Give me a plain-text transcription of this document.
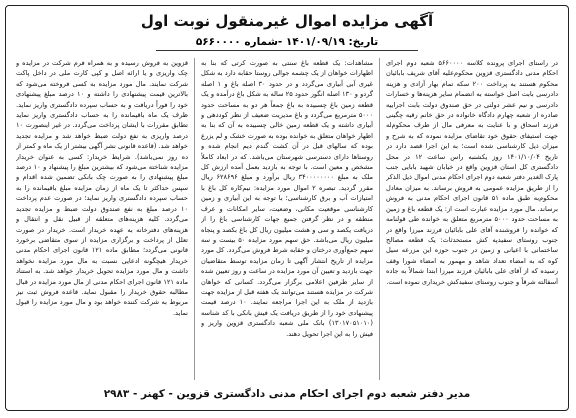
آگهی مزایده اموال غیرمنقول نوبت اول
تاریخ: ۱۴۰۱/۰۹/۱۹ -شماره ۵۶۶۰۰۰۰
در راستای اجرای پرونده کلاسه ۵۶۶۰۰۰۰ شعبه دوم اجرای احکام مدنی دادگستری قزوین محکوم‌علیه آقای شریف بابائیان محکوم هستند به پرداخت ۲۰۰ سکه تمام بهار آزادی و هزینه دادرسی بابت اصل خواسته به انضمام سایر هزینه‌ها و خسارات دادرسی و نیم عشر دولتی در حق صندوق دولت بابت اجراییه صادره از شعبه چهارم دادگاه خانواده در حق خانم رقیه چگینی فرزند اسحاق و با عنایت به معرفی مال از طرف محکوم‌له جهت استیفای حقوق خود تقاضای مزایده نموده که به شرح و میزان ذیل کارشناسی شده است؛ به این اجرا قصد دارد در تاریخ ۱۴۰۱/۱۰/۰۴ روز یکشنبه راس ساعت ۱۲ در محل دادگستری کل استان قزوین واقع در خیابان شهید بابایی جنب پارک الغدیر دفتر شعبه دوم اجرای احکام مدنی اموال ذیل الذکر را از طریق مزایده عمومی به فروش برساند. به میزان معادل محکوم‌به طبق ماده ۵۱ قانون اجرای احکام مدنی به فروش برساند. مال مورد مزایده عبارت است از: یک قطعه باغ و زمین به مساحت حدود ۵۰۰۰ مترمربع متعلق به خوانده طی قولنامه که خوانده را فروشنده آقای علی بابائیان فرزند میرزا واقع در جنوب روستای سفیدپه کش مستحدثات: یک قطعه مصالح ساختمانی با اعیانی و زمین در جنوب حوزه این مزرعه سیل کوه که به امضاء تعداد شاهد و مهمور به امضاء شورا وقف رسیده که از آقای علی بابائیان فرزند میرزا ابتدا شمالاً به جاده آسفالته شرقاً و جنوب روستای سفیدکش خریداری نموده است.
مشاهدات: یک قطعه باغ سنتی به صورت کرتی که بنا به اظهارات خواهان از یک چشمه جوالی روستا حقابه دارد به شکل غیری آبی آبیاری می‌گردد و در حدود ۳۰ اصله باغ و ۱ اصله گردو و ۱۳۰ اصله انگور حدود ۲۵ ساله به شکل باغ درآمده و یک قطعه زمین باغ چسبیده به باغ جمعاً هر دو به مساحت حدود ۵۰۰۰ مترمربع می‌گردد و باغ مدیریت ضعیف از نظر کوددهی و آبیاری داشته و یک قطعه زمین خالی چسبیده به آن که بنا به اظهار خواهان متعلق به خوانده بوده به صورت خشک و لم یزرع بوده که سالهای قبل در آن کشت گندم دیم انجام شده و روستاها دارای دسترسی شهرستان می‌باشد. که در ابعاد کاملاً مشخص و معین است. با توجه به بازدید بعمل آمده ارزش کل ملک به مبلغ ۳۴۰۰۰۰۰۰۰۰ ریال برآورد و مبلغ ۶۲۸۶۹۶ ریال مقرر گردید. تبصره ۲ اموال مورد مزایده: نیم‌کاره کل باغ با امتیازات آب و برق کارشناسی؛ با توجه به این آبیاری و زمین کارشناسی موقعیت مکانی، وضعیت، سایر امکانات و عرف منطقه و در نظر گرفتن جمیع جهات کارشناسی باغ را از دریافت یکصد و سی و هشت میلیون ریال کل باغ بکصد و پنجاه میلیون ریال می‌باشد. حق سهم مورد مزایده ۵۰ بیست و سه سهم جمع‌آوری درختان و حقابه شرط فروش می‌گردد. کل مورد مزایده از تاریخ انتشار آگهی تا زمان مزایده توسط متقاضیان جهت بازدید و تعیین آن مورد مزایده در ساعت و روز تعیین شده از سایر طرفین اعلامی برگزار می‌گردد. کسانی که خواهان شرکت در مزایده هستند می‌توانند یک هفته قبل از مزایده جهت بازدید از ملک به این اجرا مراجعه نمایند. ۱۰ درصد قیمت پیشنهادی خود را از طریق دریافت یک فیش بانکی با کد شناسه (۱۳۰۱۷۰۵۱۰۱۰) بانک ملی شعبه دادگستری قزوین واریز و فیش را به این اجرا تحویل دهند.
قزوین به فروش رسیده و به همراه فرم شرکت در مزایده و چک واریزی و یا ارائه اصل و کپی کارت ملی در داخل پاکت شرکت نمایند. مال مورد مزایده به کسی فروخته می‌شود که بالاترین قیمت پیشنهادی را داشته و ۱۰ درصد مبلغ پیشنهادی خود را فوراً دریافت و به حساب سپرده دادگستری واریز نماید. ظرف یک ماه باقیمانده را به حساب دادگستری واریز نماید تطابق مقررات با ایشان پرداخت می‌گردد. در غیر اینصورت ۱۰ درصد واریزی به نفع دولت ضبط خواهد شد و مزایده تجدید خواهد شد. (قاعده قانونی نشر آگهی بیشتر از یک ماه و کمتر از ده روز نمی‌باشد). شرایط خریدار: کسی به عنوان خریدار مزایده شناخته می‌شود که بیشترین مبلغ را پیشنهاد و ۱۰ درصد مبلغ پیشنهادی را به صورت چک بانکی تضمین شده اقدام و سپس حداکثر تا یک ماه از زمان مزایده مبلغ باقیمانده را به حساب سپرده دادگستری واریز نماید؛ در صورت عدم پرداخت ۱۰ درصد مبلغ به نفع صندوق دولت ضبط و مزایده تجدید می‌گردد. کلیه هزینه‌های متعلقه از قبیل نقل و انتقال و هزینه‌های دفترخانه به عهده خریدار است. خریدار در صورت تعلل از پرداخت و برگزاری مزایده از سوی متقاضی برخورد قانونی می‌گردد؛ مطابق ماده ۱۲۱ قانون اجرای احکام مدنی خریدار هیچگونه ادعایی نسبت به مال مورد مزایده نخواهد داشت و مال مورد مزایده تحویل خریدار خواهد شد. به استناد ماده ۱۲۱ قانون اجرای احکام مدنی از مال مورد مزایده در قبال مطالبه حقوق خریدار را مقبول نماید. قاعده فروش ثبت نیز مربوط به شرکت کننده خواهد بود و مال مورد مزایده را قبول نماید.
مدیر دفتر شعبه دوم اجرای احکام مدنی دادگستری قزوین - کهنر - ۲۹۸۳
